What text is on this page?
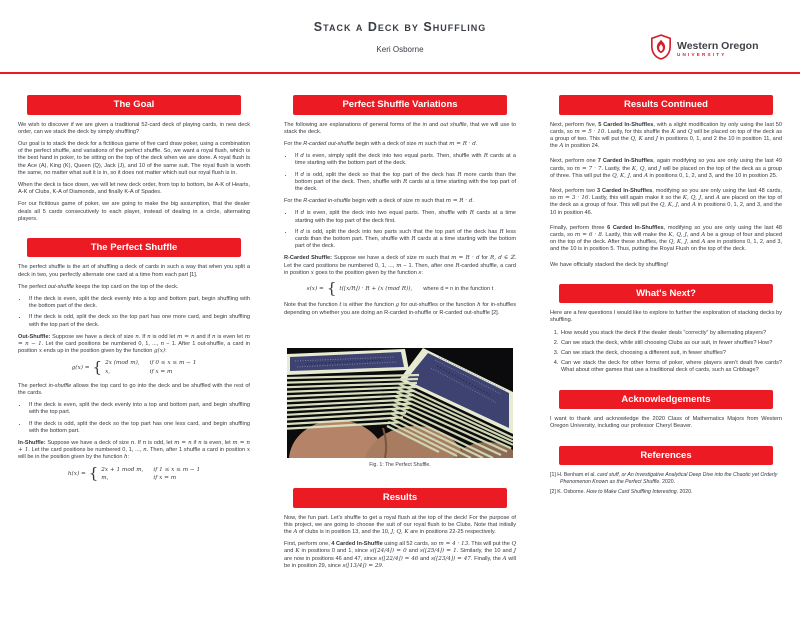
Stack a Deck by Shuffling
Keri Osborne	Western Oregon
UNIVERSITY
The Goal

We wish to discover if we are given a traditional 52-card deck of playing cards, in new deck order, can we stack the deck by simply shuffling?

Our goal is to stack the deck for a fictitious game of five card draw poker, using a combination of the perfect shuffle, and variations of the perfect shuffle. So, we want a royal flush, which is the best hand in poker, to be sitting on the top of the deck when we are done. A royal flush is the Ace (A), King (K), Queen (Q), Jack (J), and 10 of the same suit. The royal flush is worth the same, no matter what suit it is in, so it does not matter which suit our royal flush is in.

When the deck is face down, we will let new deck order, from top to bottom, be A-K of Hearts, A-K of Clubs, K-A of Diamonds, and finally K-A of Spades.

For our fictitious game of poker, we are going to make the big assumption, that the dealer deals all 5 cards consecutively to each player, instead of dealing in a circle, alternating players.

The Perfect Shuffle

The perfect shuffle is the art of shuffling a deck of cards in such a way that when you split a deck in two, you perfectly alternate one card at a time from each part [1].

The perfect out-shuffle keeps the top card on the top of the deck.

• If the deck is even, split the deck evenly into a top and bottom part, begin shuffling with the bottom part of the deck.
• If the deck is odd, split the deck so the top part has one more card, and begin shuffling with the top part of the deck.

Out-Shuffle: Suppose we have a deck of size n. If n is odd let m = n and if n is even let m = n − 1. Let the card positions be numbered 0, 1, ..., n − 1. After 1 out-shuffle, a card in position x ends up in the position given by the function g(x):

g(x) = { 2x (mod m), if 0 ≤ x ≤ m − 1
x,	if x = m

The perfect in-shuffle allows the top card to go into the deck and be shuffled with the rest of the cards.

• If the deck is even, split the deck evenly into a top and bottom part, and begin shuffling with the top part.
• If the deck is odd, split the deck so the top part has one less card, and begin shuffling with the bottom part.

In-Shuffle: Suppose we have a deck of size n. If n is odd, let m = n if n is even, let m = n + 1. Let the card positions be numbered 0, 1, ..., n. Then, after 1 shuffle a card in position x will be in the position given by the function h:

h(x) = { 2x + 1 mod m, if 1 ≤ x ≤ m − 1
m,	if x = m
Perfect Shuffle Variations

The following are explanations of general forms of the in and out shuffle, that we will use to stack the deck.

For the R-carded out-shuffle begin with a deck of size m such that m = R · d.

• If d is even, simply split the deck into two equal parts. Then, shuffle with R cards at a time starting with the bottom part of the deck.
• If d is odd, split the deck so that the top part of the deck has R more cards than the bottom part of the deck. Then, shuffle with R cards at a time starting with the top part of the deck.

For the R-carded in-shuffle begin with a deck of size m such that m = R · d.

• If d is even, split the deck into two equal parts. Then, shuffle with R cards at a time starting with the top part of the deck first.
• If d is odd, split the deck into two parts such that the top part of the deck has R less cards than the bottom part. Then, shuffle with R cards at a time starting with the bottom part of the deck.

R-Carded Shuffle: Suppose we have a deck of size m such that m = R · d for R, d ∈ ℤ. Let the card positions be numbered 0, 1, ..., m − 1. Then, after one R-carded shuffle, a card in position x goes to the position given by the function s:

s(x) = { t(⌊x/R⌋) · R + (x (mod R)), where d = n in the function t

Note that the function t is either the function g for out-shuffles or the function h for in-shuffles depending on whether you are doing an R-carded in-shuffle or R-carded out-shuffle [2].

Fig. 1: The Perfect Shuffle.
Results

Now, the fun part. Let's shuffle to get a royal flush at the top of the deck! For the purpose of this project, we are going to choose the suit of our royal flush to be Clubs. Note that initially the A of clubs is in position 13, and the 10, J, Q, K are in positions 22-25 respectively.

First, perform one, 4 Carded In-Shuffle using all 52 cards, so m = 4 · 13. This will put the Q and K in positions 0 and 1, since s(⌊24/4⌋) = 0 and s(⌊25/4⌋) = 1. Similarly, the 10 and J are now in positions 46 and 47, since s(⌊22/4⌋) = 46 and s(⌊23/4⌋) = 47. Finally, the A will be in position 29, since s(⌊13/4⌋) = 29.

Results Continued

Next, perform five, 5 Carded In-Shuffles, with a slight modification by only using the last 50 cards, so m = 5 · 10. Lastly, for this shuffle the K and Q will be placed on top of the deck as a group of two. This will put the Q, K and J in positions 0, 1, and 2 the 10 in position 11, and the A in position 24.

Next, perform one 7 Carded In-Shuffles, again modifying so you are only using the last 49 cards, so m = 7 · 7. Lastly, the K, Q, and J will be placed on the top of the deck as a group of three. This will put the Q, K, J, and A in positions 0, 1, 2, and 3, and the 10 in position 25.

Next, perform two 3 Carded In-Shuffles, modifying so you are only using the last 48 cards, so m = 3 · 16. Lastly, this will again make it so the K, Q, J, and A are placed on the top of the deck as a group of four. This will put the Q, K, J, and A in positions 0, 1, 2, and 3, and the 10 in position 46.

Finally, perform three 6 Carded In-Shuffles, modifying so you are only using the last 48 cards, so m = 6 · 8. Lastly, this will make the K, Q, J, and A be a group of four and placed on the top of the deck. After these shuffles, the Q, K, J, and A are in positions 0, 1, 2, and 3, and the 10 is in position 5. Thus, putting the Royal Flush on the top of the deck.

We have officially stacked the deck by shuffling!

What's Next?

Here are a few questions I would like to explore to further the exploration of stacking decks by shuffling.

1. How would you stack the deck if the dealer deals “correctly” by alternating players?
2. Can we stack the deck, while still choosing Clubs as our suit, in fewer shuffles? How?
3. Can we stack the deck, choosing a different suit, in fewer shuffles?
4. Can we stack the deck for other forms of poker, where players aren't dealt five cards? What about other games that use a traditional deck of cards, such as Cribbage?
Acknowledgements

I want to thank and acknowledge the 2020 Class of Mathematics Majors from Western Oregon University, including our professor Cheryl Beaver.

References

[1] H. Benham et al. card stuff, or An Investigative Analytical Deep Dive into the Chaotic yet Orderly Phenomenon Known as the Perfect Shuffle. 2020.

[2] K. Osborne. How to Make Card Shuffling Interesting. 2020.
